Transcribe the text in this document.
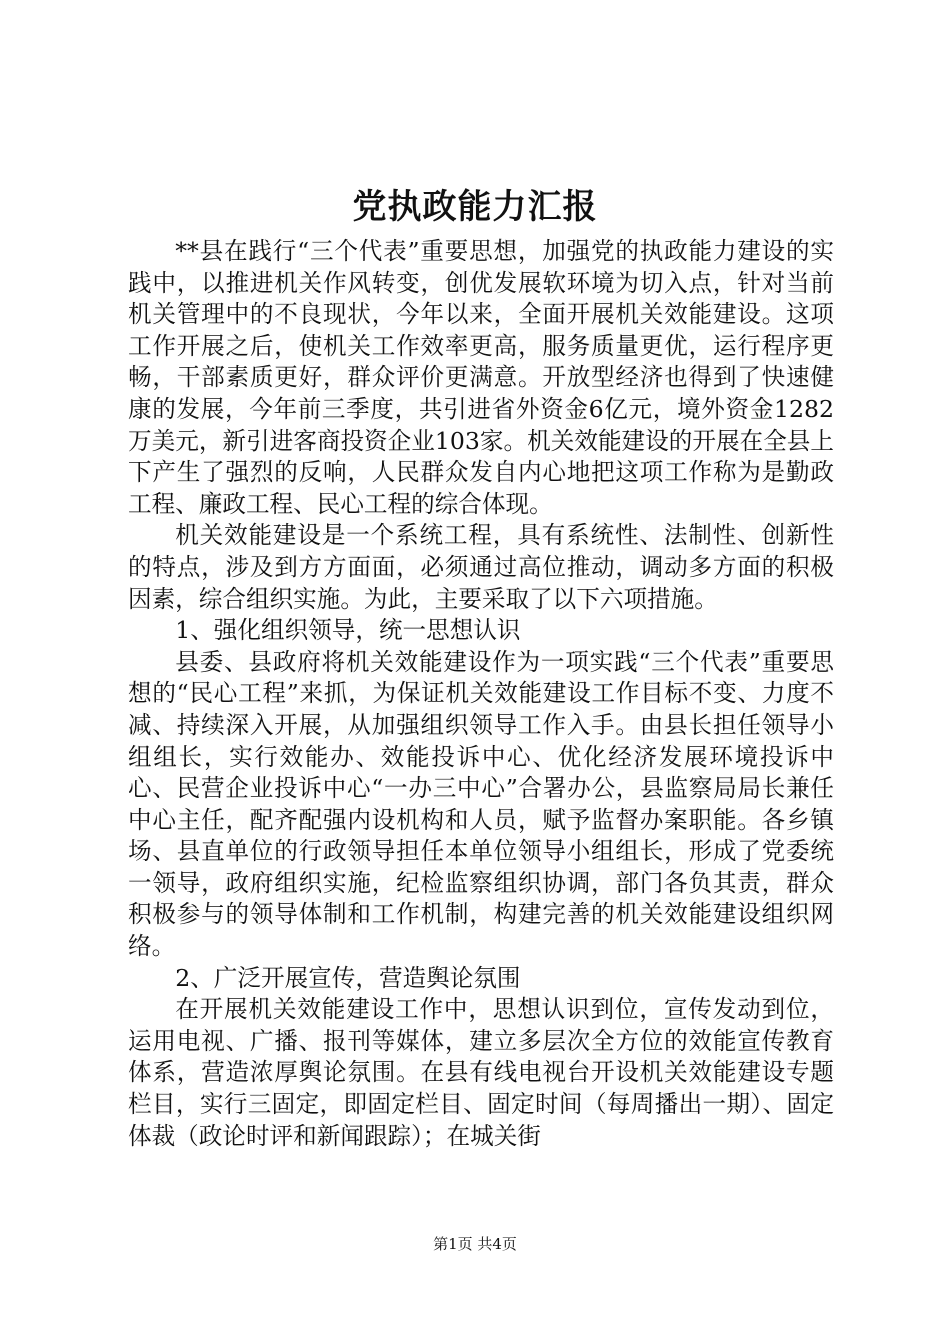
党执政能力汇报

**县在践行“三个代表”重要思想，加强党的执政能力建设的实践中，以推进机关作风转变，创优发展软环境为切入点，针对当前机关管理中的不良现状，今年以来，全面开展机关效能建设。这项工作开展之后，使机关工作效率更高，服务质量更优，运行程序更畅，干部素质更好，群众评价更满意。开放型经济也得到了快速健康的发展，今年前三季度，共引进省外资金6亿元，境外资金1282万美元，新引进客商投资企业103家。机关效能建设的开展在全县上下产生了强烈的反响，人民群众发自内心地把这项工作称为是勤政工程、廉政工程、民心工程的综合体现。

机关效能建设是一个系统工程，具有系统性、法制性、创新性的特点，涉及到方方面面，必须通过高位推动，调动多方面的积极因素，综合组织实施。为此，主要采取了以下六项措施。

1、强化组织领导，统一思想认识

县委、县政府将机关效能建设作为一项实践“三个代表”重要思想的“民心工程”来抓，为保证机关效能建设工作目标不变、力度不减、持续深入开展，从加强组织领导工作入手。由县长担任领导小组组长，实行效能办、效能投诉中心、优化经济发展环境投诉中心、民营企业投诉中心“一办三中心”合署办公，县监察局局长兼任中心主任，配齐配强内设机构和人员，赋予监督办案职能。各乡镇场、县直单位的行政领导担任本单位领导小组组长，形成了党委统一领导，政府组织实施，纪检监察组织协调，部门各负其责，群众积极参与的领导体制和工作机制，构建完善的机关效能建设组织网络。

2、广泛开展宣传，营造舆论氛围

在开展机关效能建设工作中，思想认识到位，宣传发动到位，运用电视、广播、报刊等媒体，建立多层次全方位的效能宣传教育体系，营造浓厚舆论氛围。在县有线电视台开设机关效能建设专题栏目，实行三固定，即固定栏目、固定时间（每周播出一期）、固定体裁（政论时评和新闻跟踪）；在城关街

第1页 共4页
